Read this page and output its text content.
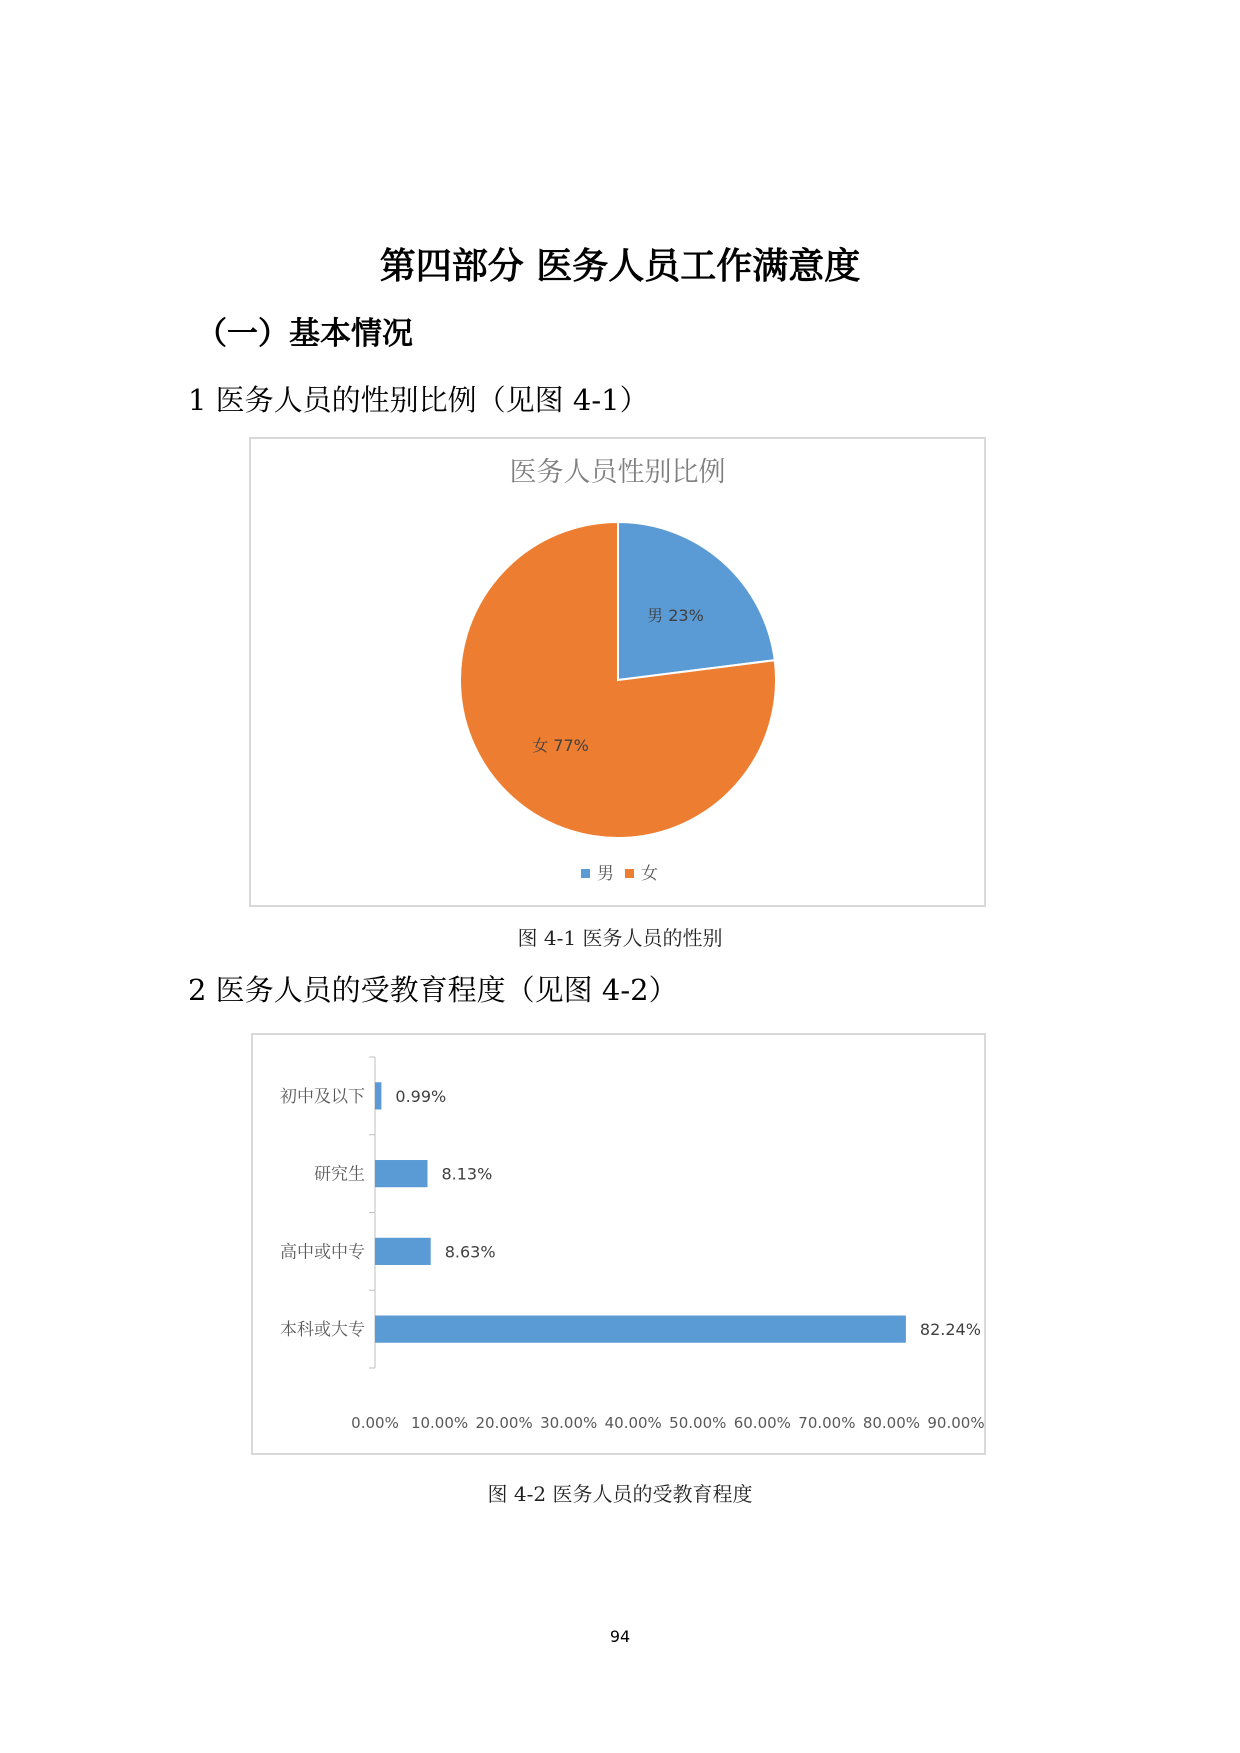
第四部分 医务人员工作满意度
（一）基本情况
1 医务人员的性别比例（见图 4-1）
医务人员性别比例
男 23%
女 77%
男 女
图 4-1 医务人员的性别
2 医务人员的受教育程度（见图 4-2）
初中及以下 0.99%
研究生	8.13%
高中或中专	8.63%
本科或大专	82.24%
0.00% 10.00% 20.00% 30.00% 40.00% 50.00% 60.00% 70.00% 80.00% 90.00%
图 4-2 医务人员的受教育程度
94
